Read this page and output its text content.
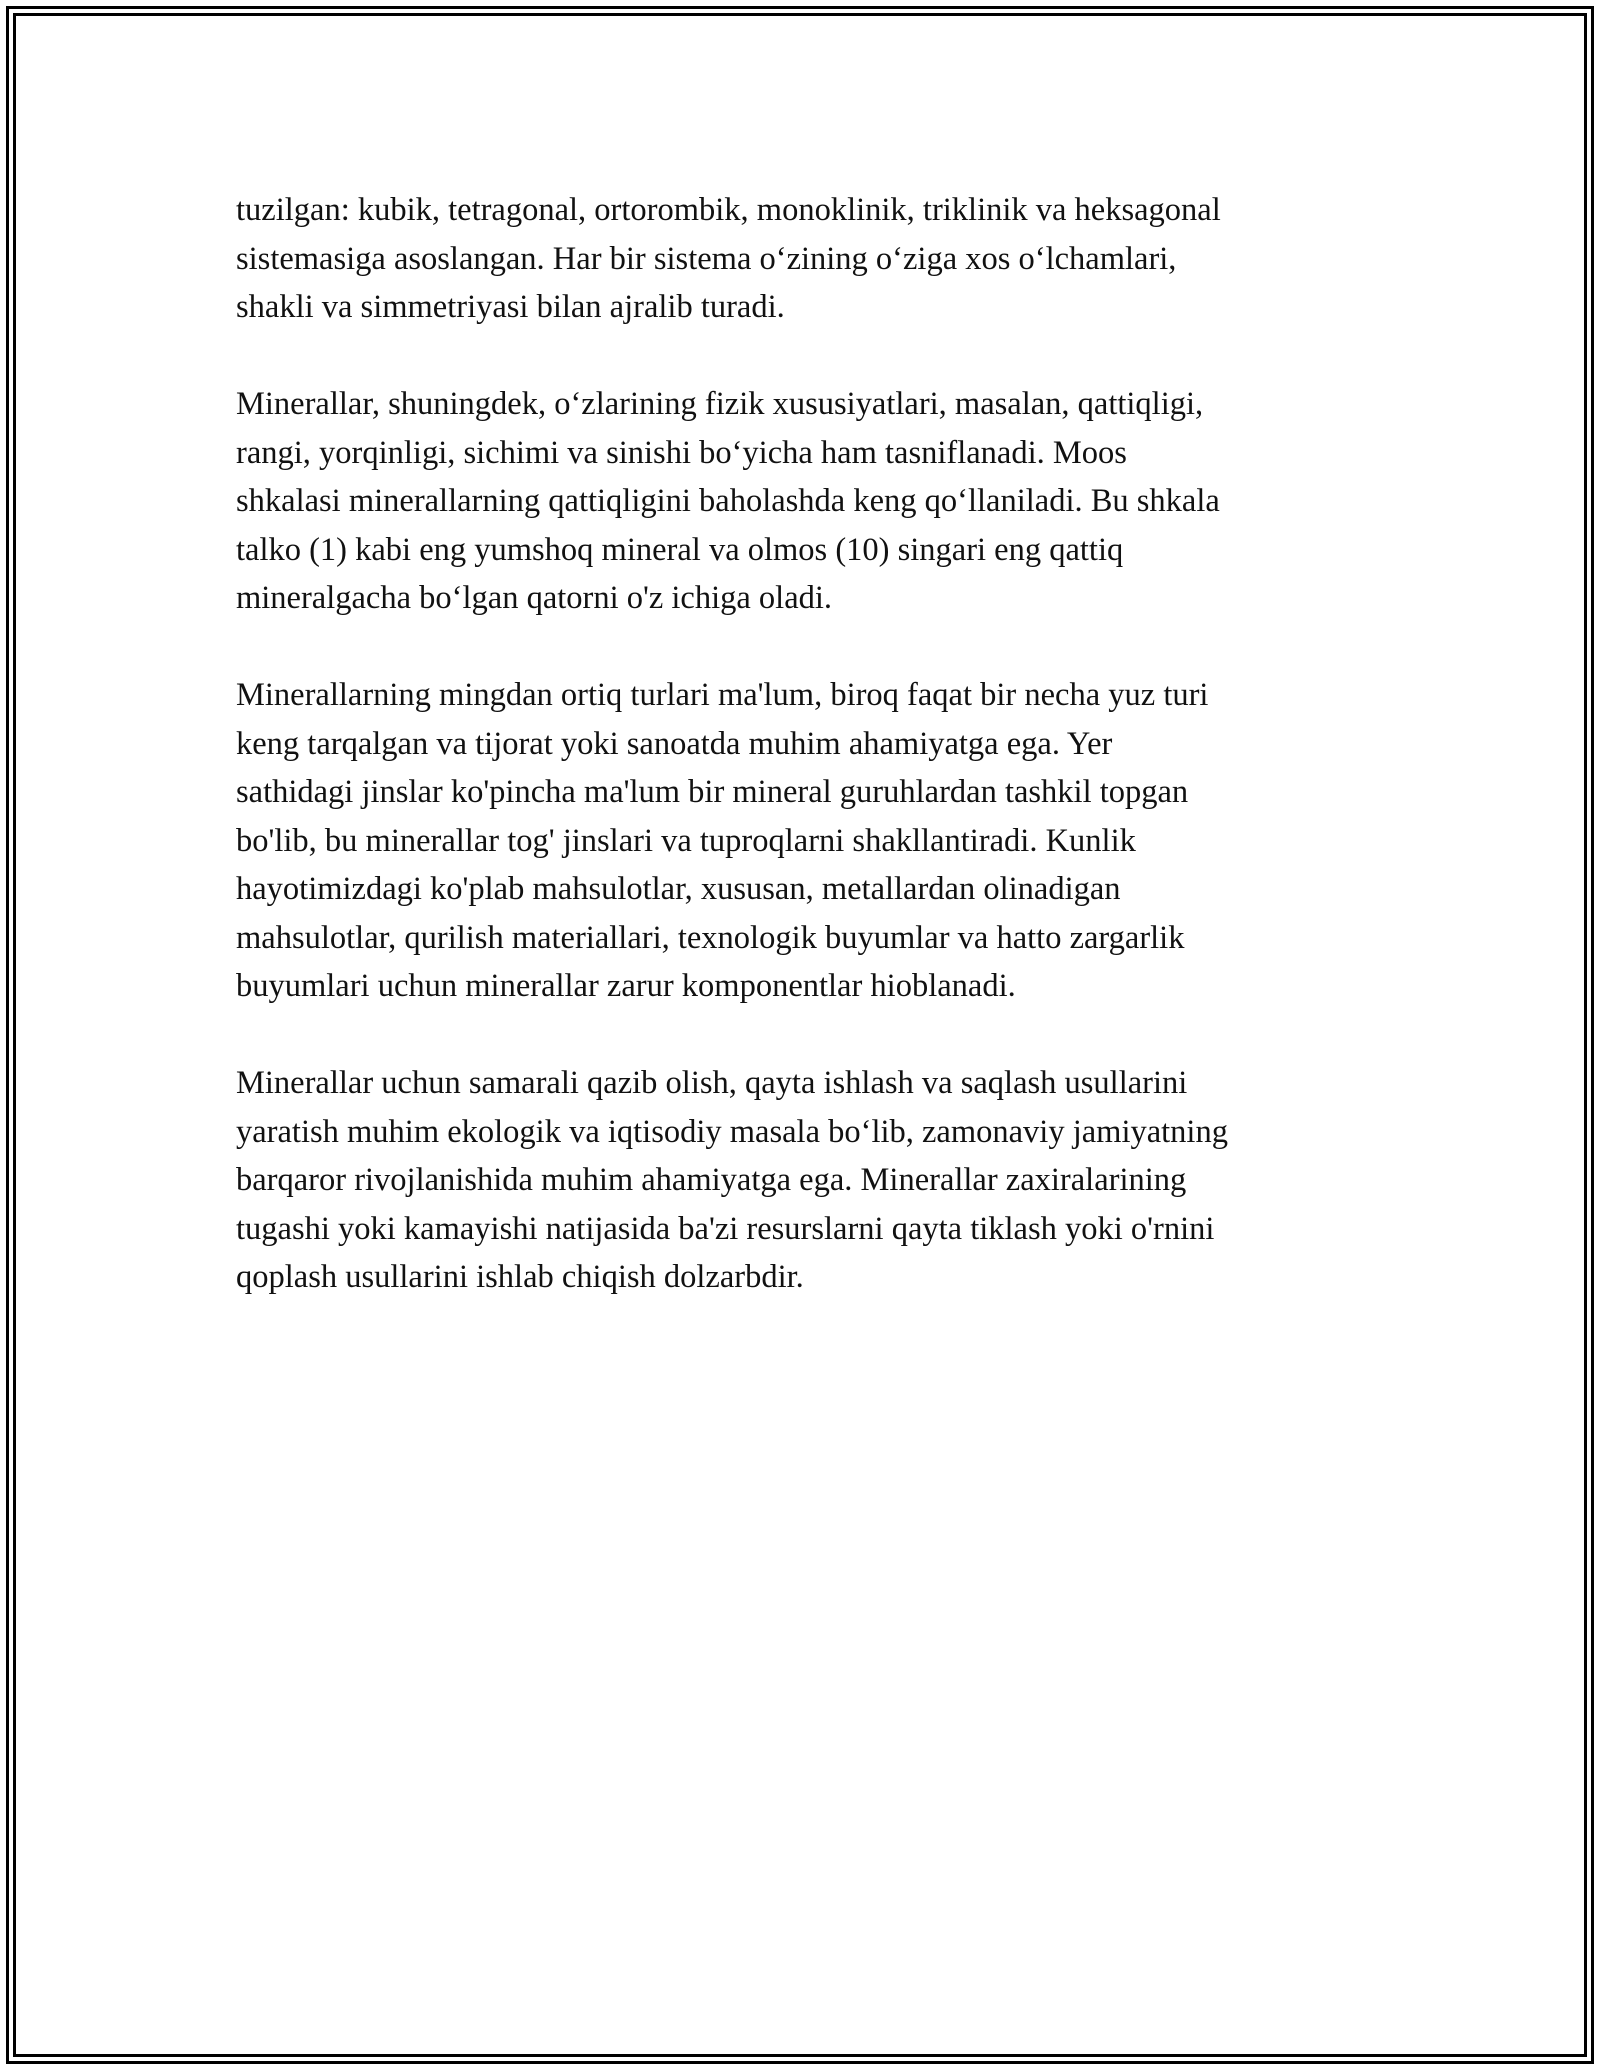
tuzilgan: kubik, tetragonal, ortorombik, monoklinik, triklinik va heksagonal
sistemasiga asoslangan. Har bir sistema o‘zining o‘ziga xos o‘lchamlari,
shakli va simmetriyasi bilan ajralib turadi.

Minerallar, shuningdek, o‘zlarining fizik xususiyatlari, masalan, qattiqligi,
rangi, yorqinligi, sichimi va sinishi bo‘yicha ham tasniflanadi. Moos
shkalasi minerallarning qattiqligini baholashda keng qo‘llaniladi. Bu shkala
talko (1) kabi eng yumshoq mineral va olmos (10) singari eng qattiq
mineralgacha bo‘lgan qatorni o'z ichiga oladi.

Minerallarning mingdan ortiq turlari ma'lum, biroq faqat bir necha yuz turi
keng tarqalgan va tijorat yoki sanoatda muhim ahamiyatga ega. Yer
sathidagi jinslar ko'pincha ma'lum bir mineral guruhlardan tashkil topgan
bo'lib, bu minerallar tog' jinslari va tuproqlarni shakllantiradi. Kunlik
hayotimizdagi ko'plab mahsulotlar, xususan, metallardan olinadigan
mahsulotlar, qurilish materiallari, texnologik buyumlar va hatto zargarlik
buyumlari uchun minerallar zarur komponentlar hioblanadi.

Minerallar uchun samarali qazib olish, qayta ishlash va saqlash usullarini
yaratish muhim ekologik va iqtisodiy masala bo‘lib, zamonaviy jamiyatning
barqaror rivojlanishida muhim ahamiyatga ega. Minerallar zaxiralarining
tugashi yoki kamayishi natijasida ba'zi resurslarni qayta tiklash yoki o'rnini
qoplash usullarini ishlab chiqish dolzarbdir.
